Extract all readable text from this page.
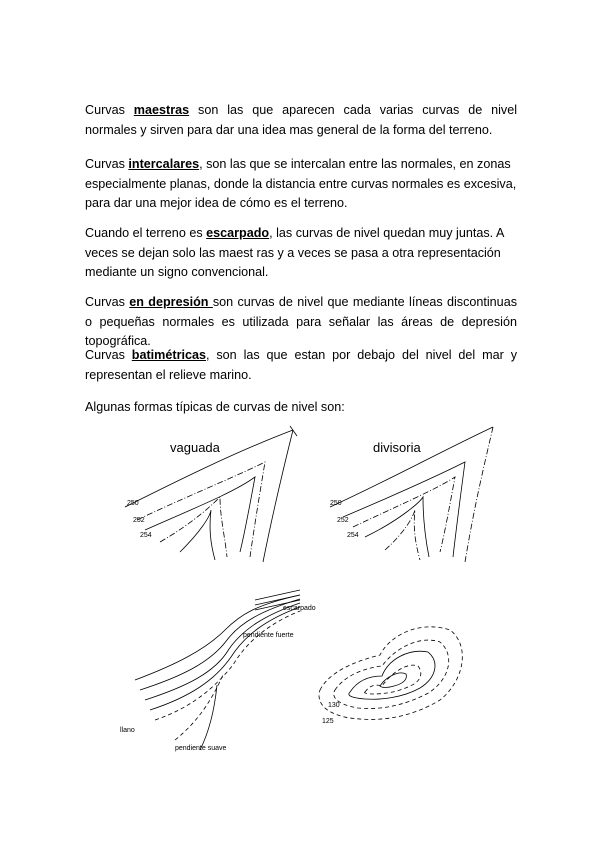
Curvas maestras son las que aparecen cada varias curvas de nivel normales y sirven para dar una idea mas general de la forma del terreno.

Curvas intercalares, son las que se intercalan entre las normales, en zonas especialmente planas, donde la distancia entre curvas normales es excesiva, para dar una mejor idea de cómo es el terreno.

Cuando el terreno es escarpado, las curvas de nivel quedan muy juntas. A veces se dejan solo las maest ras y a veces se pasa a otra representación mediante un signo convencional.

Curvas en depresión son curvas de nivel que mediante líneas discontinuas o pequeñas normales es utilizada para señalar las áreas de depresión topográfica.

Curvas batimétricas, son las que estan por debajo del nivel del mar y representan el relieve marino.

Algunas formas típicas de curvas de nivel son:

vaguada
250
252
254
divisoria
250
252
254
escarpado
pendiente fuerte
llano
pendiente suave
130
125
